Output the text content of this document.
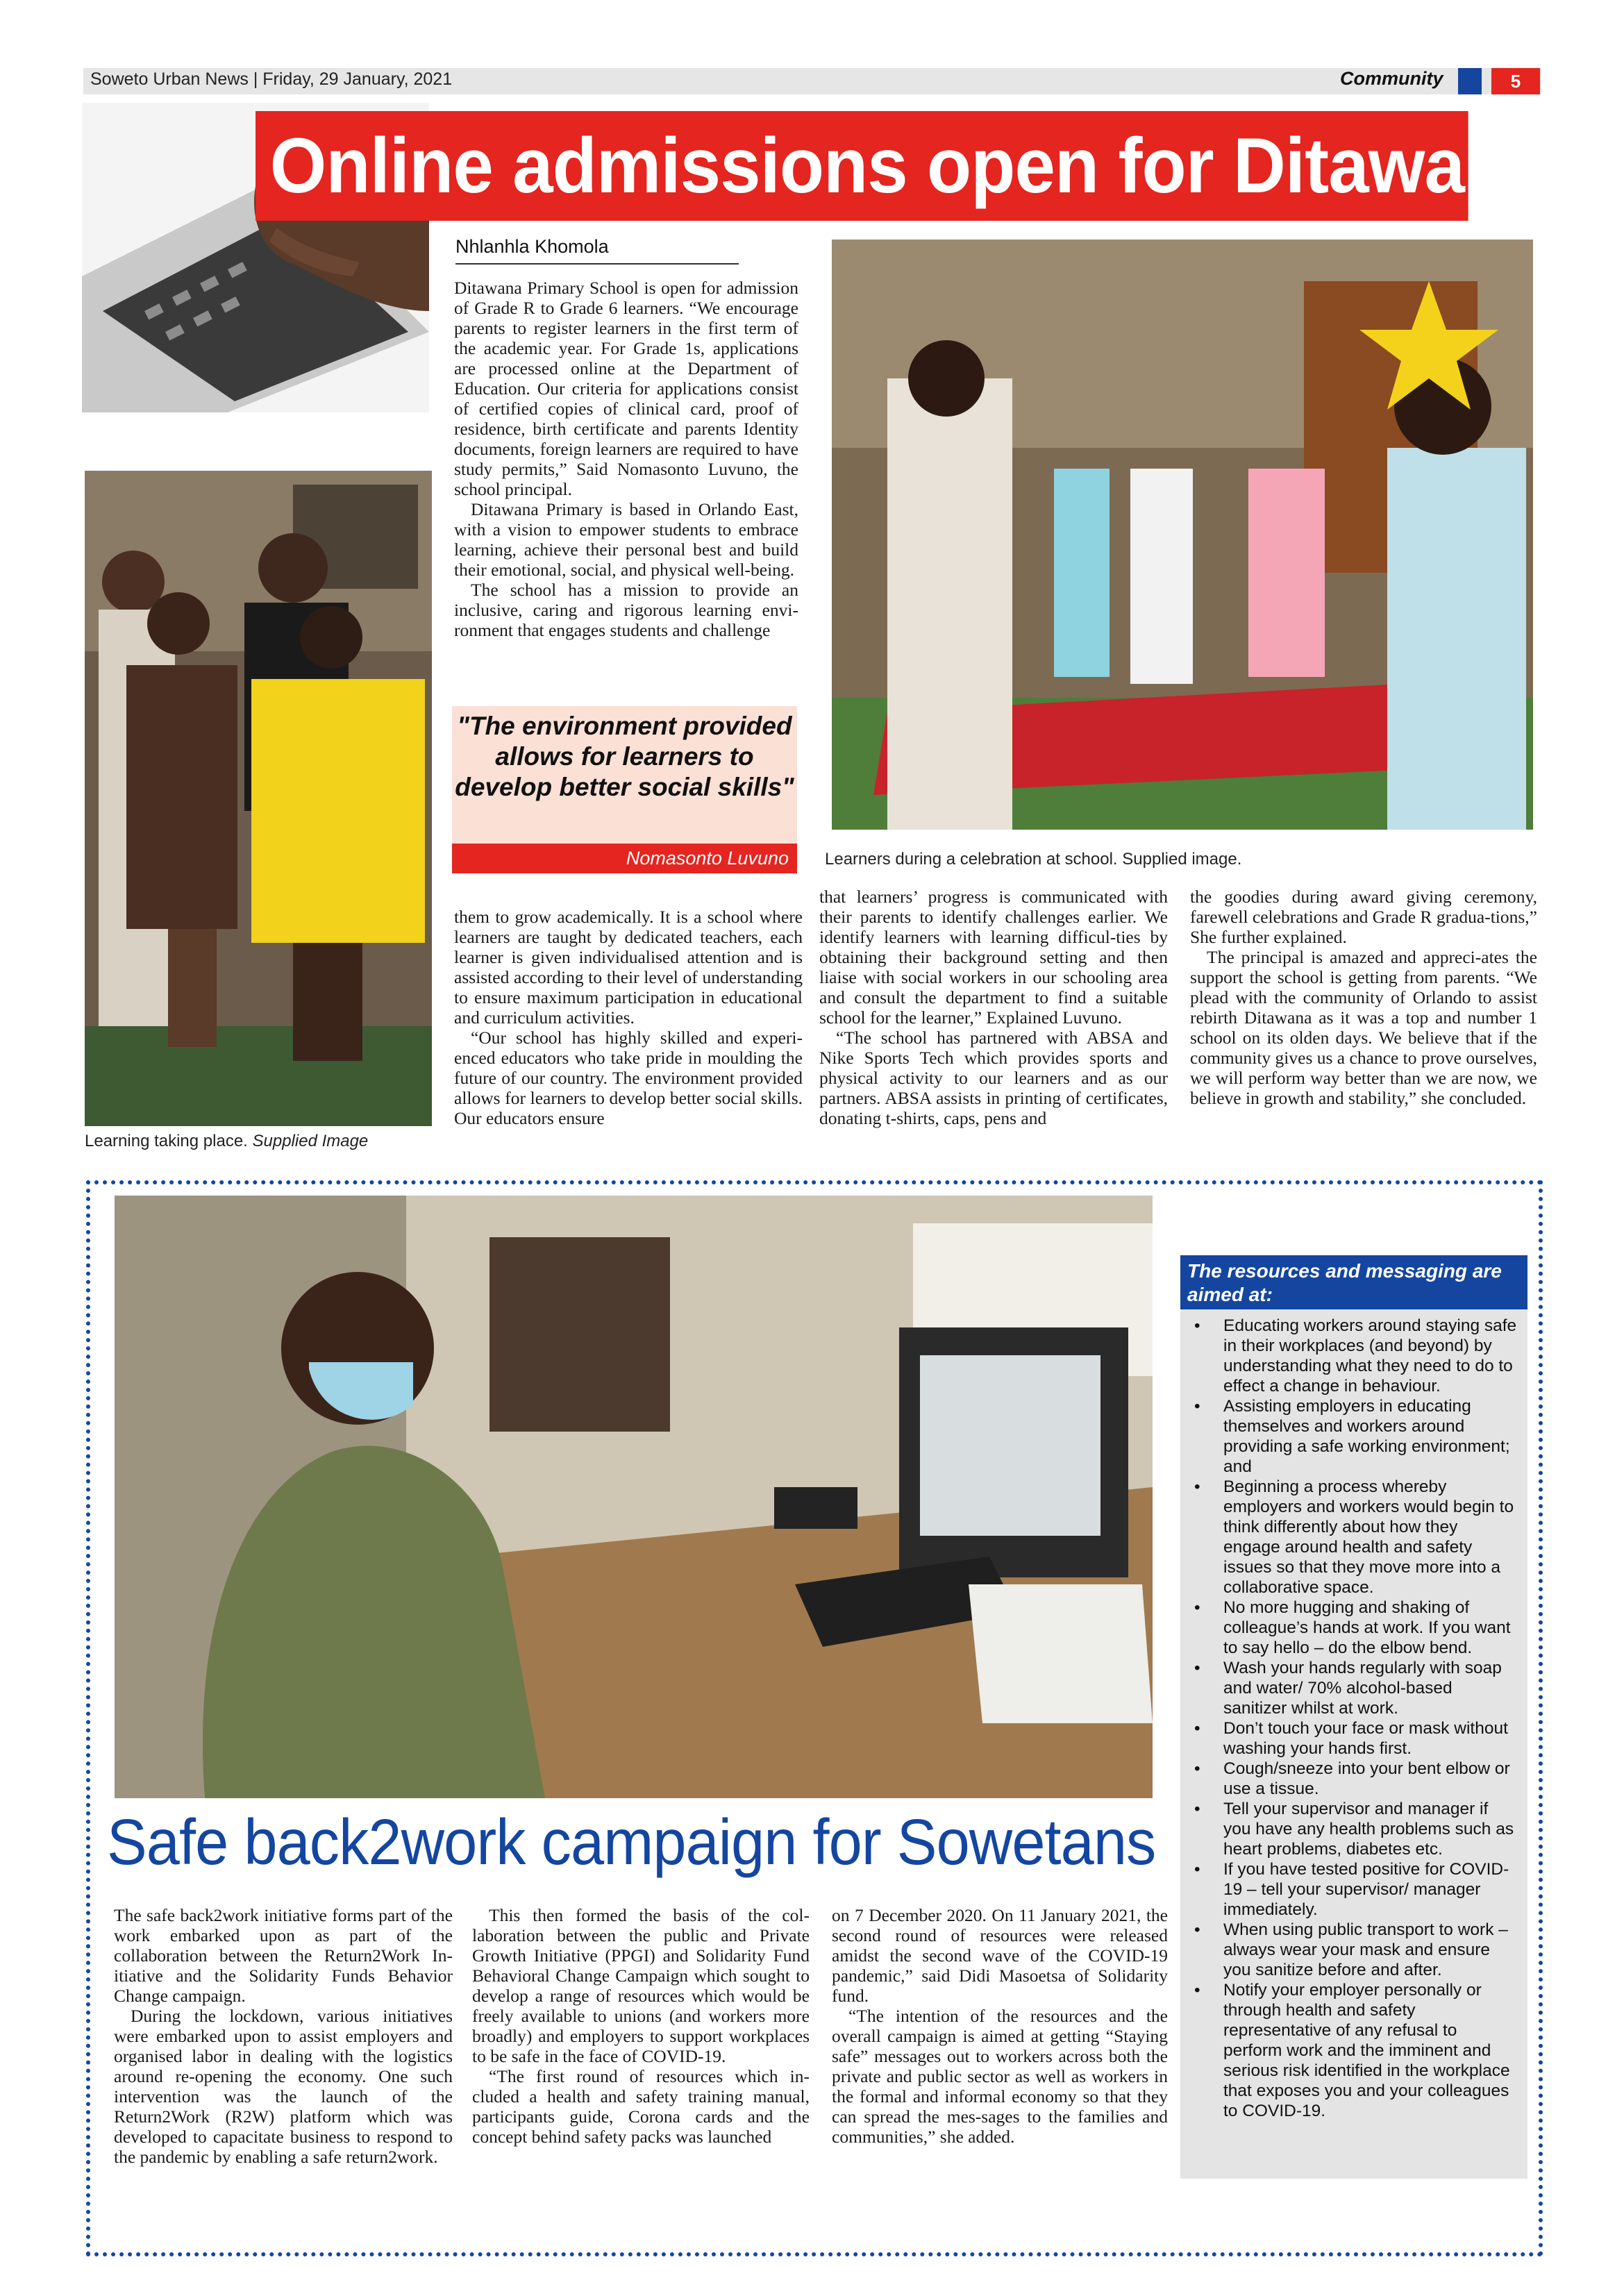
Soweto Urban News | Friday, 29 January, 2021	Community	5
Learning taking place. Supplied Image
Online admissions open for Ditawana
Nhlanhla Khomola

Ditawana Primary School is open for admission of Grade R to Grade 6 learners. “We encourage parents to register learners in the first term of the academic year. For Grade 1s, applications are processed online at the Department of Education. Our criteria for applications consist of certified copies of clinical card, proof of residence, birth certificate and parents Identity documents, foreign learners are required to have study permits,” Said Nomasonto Luvuno, the school principal.

Ditawana Primary is based in Orlando East, with a vision to empower students to embrace learning, achieve their personal best and build their emotional, social, and physical well-being.

The school has a mission to provide an inclusive, caring and rigorous learning envi-ronment that engages students and challenge

"The environment provided allows for learners to develop better social skills"
Nomasonto Luvuno	Learners during a celebration at school. Supplied image.

them to grow academically. It is a school where learners are taught by dedicated teachers, each learner is given individualised attention and is assisted according to their level of understanding to ensure maximum participation in educational and curriculum activities.

“Our school has highly skilled and experi-enced educators who take pride in moulding the future of our country. The environment provided allows for learners to develop better social skills. Our educators ensure

that learners’ progress is communicated with their parents to identify challenges earlier. We identify learners with learning difficul-ties by obtaining their background setting and then liaise with social workers in our schooling area and consult the department to find a suitable school for the learner,” Explained Luvuno.

“The school has partnered with ABSA and Nike Sports Tech which provides sports and physical activity to our learners and as our partners. ABSA assists in printing of certificates, donating t-shirts, caps, pens and

the goodies during award giving ceremony, farewell celebrations and Grade R gradua-tions,” She further explained.

The principal is amazed and appreci-ates the support the school is getting from parents. “We plead with the community of Orlando to assist rebirth Ditawana as it was a top and number 1 school on its olden days. We believe that if the community gives us a chance to prove ourselves, we will perform way better than we are now, we believe in growth and stability,” she concluded.

The resources and messaging are aimed at:
• Educating workers around staying safe in their workplaces (and beyond) by understanding what they need to do to effect a change in behaviour.
• Assisting employers in educating themselves and workers around providing a safe working environment; and
• Beginning a process whereby employers and workers would begin to think differently about how they engage around health and safety issues so that they move more into a collaborative space.
• No more hugging and shaking of colleague’s hands at work. If you want to say hello – do the elbow bend.
• Wash your hands regularly with soap and water/ 70% alcohol-based sanitizer whilst at work.
• Don’t touch your face or mask without washing your hands first.
• Cough/sneeze into your bent elbow or use a tissue.
• Tell your supervisor and manager if you have any health problems such as heart problems, diabetes etc.
• If you have tested positive for COVID-19 – tell your supervisor/ manager immediately.
• When using public transport to work – always wear your mask and ensure you sanitize before and after.
• Notify your employer personally or through health and safety representative of any refusal to perform work and the imminent and serious risk identified in the workplace that exposes you and your colleagues to COVID-19.
Safe back2work campaign for Sowetans

The safe back2work initiative forms part of the work embarked upon as part of the collaboration between the Return2Work In-itiative and the Solidarity Funds Behavior Change campaign.

During the lockdown, various initiatives were embarked upon to assist employers and organised labor in dealing with the logistics around re-opening the economy. One such intervention was the launch of the Return2Work (R2W) platform which was developed to capacitate business to respond to the pandemic by enabling a safe return2work.

This then formed the basis of the col-laboration between the public and Private Growth Initiative (PPGI) and Solidarity Fund Behavioral Change Campaign which sought to develop a range of resources which would be freely available to unions (and workers more broadly) and employers to support workplaces to be safe in the face of COVID-19.

“The first round of resources which in-cluded a health and safety training manual, participants guide, Corona cards and the concept behind safety packs was launched

on 7 December 2020. On 11 January 2021, the second round of resources were released amidst the second wave of the COVID-19 pandemic,” said Didi Masoetsa of Solidarity fund.

“The intention of the resources and the overall campaign is aimed at getting “Staying safe” messages out to workers across both the private and public sector as well as workers in the formal and informal economy so that they can spread the mes-sages to the families and communities,” she added.
